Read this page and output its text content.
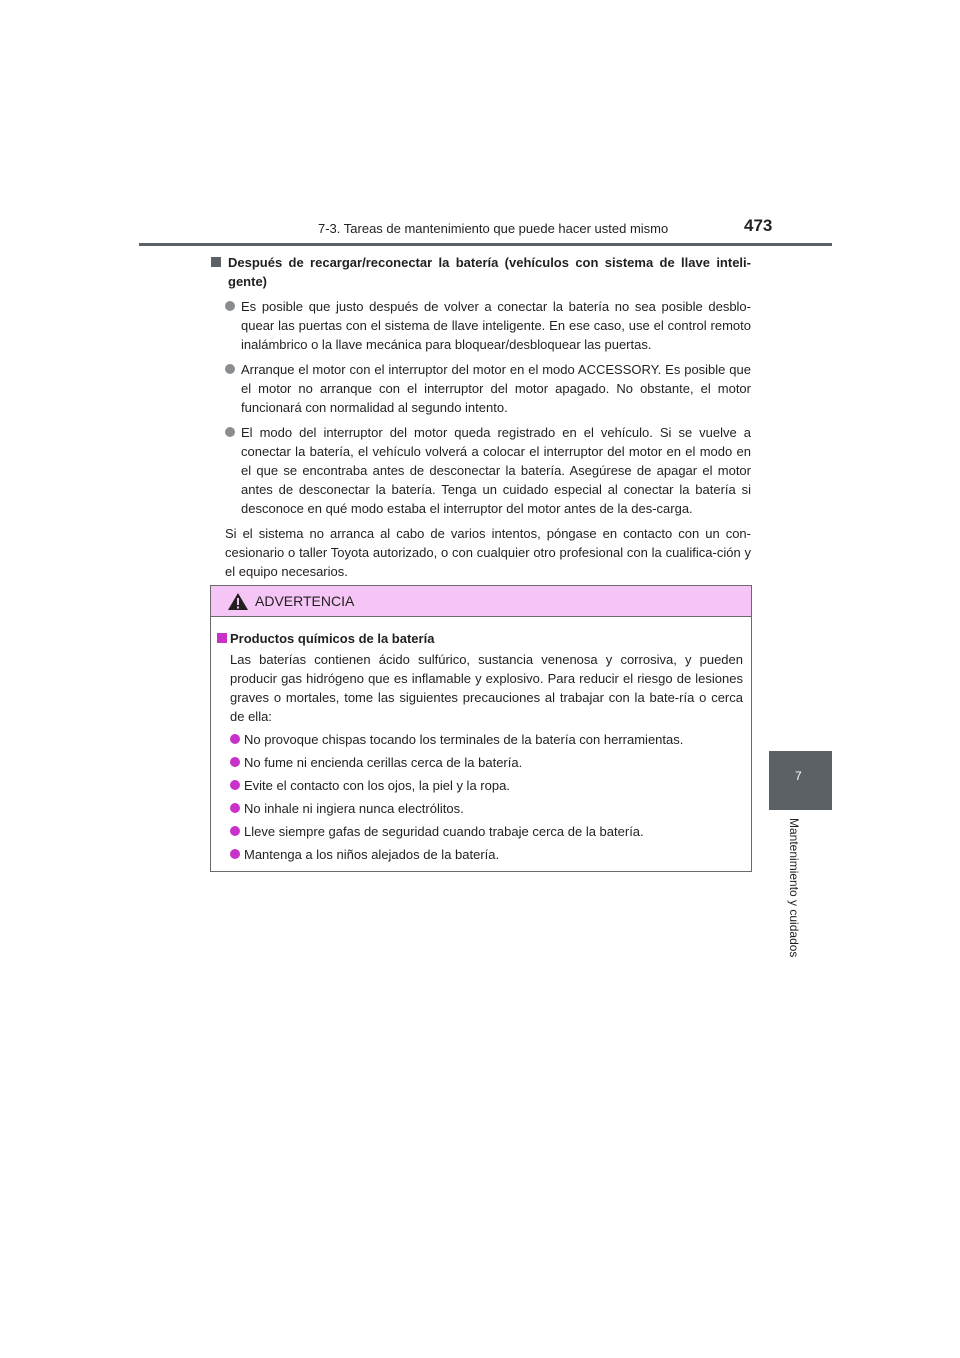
7-3. Tareas de mantenimiento que puede hacer usted mismo	473
7
Mantenimiento y cuidados
Después de recargar/reconectar la batería (vehículos con sistema de llave inteli-gente)
Es posible que justo después de volver a conectar la batería no sea posible desblo-quear las puertas con el sistema de llave inteligente. En ese caso, use el control remoto inalámbrico o la llave mecánica para bloquear/desbloquear las puertas.
Arranque el motor con el interruptor del motor en el modo ACCESSORY. Es posible que el motor no arranque con el interruptor del motor apagado. No obstante, el motor funcionará con normalidad al segundo intento.
El modo del interruptor del motor queda registrado en el vehículo. Si se vuelve a conectar la batería, el vehículo volverá a colocar el interruptor del motor en el modo en el que se encontraba antes de desconectar la batería. Asegúrese de apagar el motor antes de desconectar la batería. Tenga un cuidado especial al conectar la batería si desconoce en qué modo estaba el interruptor del motor antes de la des-carga.
Si el sistema no arranca al cabo de varios intentos, póngase en contacto con un con-cesionario o taller Toyota autorizado, o con cualquier otro profesional con la cualifica-ción y el equipo necesarios.
ADVERTENCIA
Productos químicos de la batería
Las baterías contienen ácido sulfúrico, sustancia venenosa y corrosiva, y pueden producir gas hidrógeno que es inflamable y explosivo. Para reducir el riesgo de lesiones graves o mortales, tome las siguientes precauciones al trabajar con la bate-ría o cerca de ella:
No provoque chispas tocando los terminales de la batería con herramientas.
No fume ni encienda cerillas cerca de la batería.
Evite el contacto con los ojos, la piel y la ropa.
No inhale ni ingiera nunca electrólitos.
Lleve siempre gafas de seguridad cuando trabaje cerca de la batería.
Mantenga a los niños alejados de la batería.
